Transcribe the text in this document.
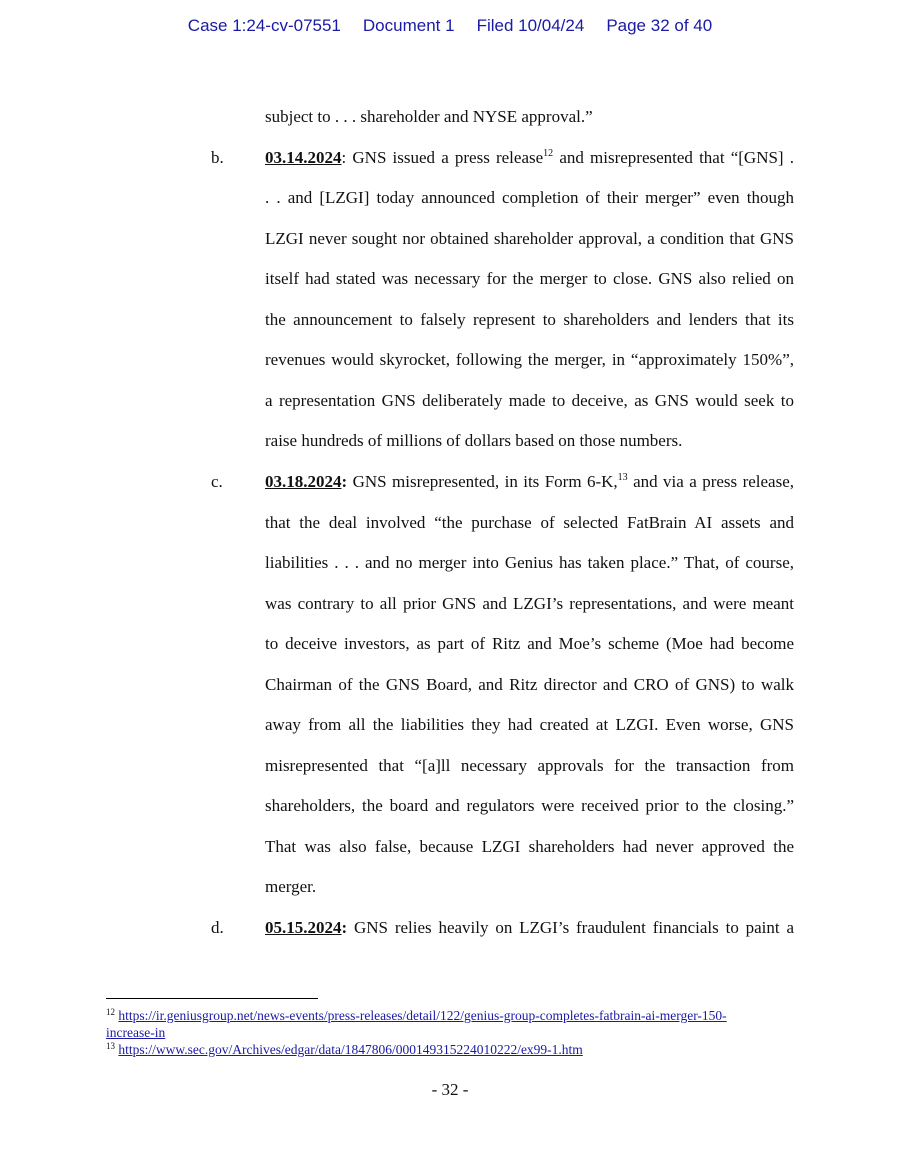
Case 1:24-cv-07551 Document 1 Filed 10/04/24 Page 32 of 40
subject to . . . shareholder and NYSE approval.”
b. 03.14.2024: GNS issued a press release$^{12}$ and misrepresented that “[GNS] .
. . and [LZGI] today announced completion of their merger” even though
LZGI never sought nor obtained shareholder approval, a condition that GNS
itself had stated was necessary for the merger to close. GNS also relied on
the announcement to falsely represent to shareholders and lenders that its
revenues would skyrocket, following the merger, in “approximately 150%”,
a representation GNS deliberately made to deceive, as GNS would seek to
raise hundreds of millions of dollars based on those numbers.
c. 03.18.2024: GNS misrepresented, in its Form 6-K,$^{13}$ and via a press release,
that the deal involved “the purchase of selected FatBrain AI assets and
liabilities . . . and no merger into Genius has taken place.” That, of course,
was contrary to all prior GNS and LZGI’s representations, and were meant
to deceive investors, as part of Ritz and Moe’s scheme (Moe had become
Chairman of the GNS Board, and Ritz director and CRO of GNS) to walk
away from all the liabilities they had created at LZGI. Even worse, GNS
misrepresented that “[a]ll necessary approvals for the transaction from
shareholders, the board and regulators were received prior to the closing.”
That was also false, because LZGI shareholders had never approved the
merger.
d. 05.15.2024: GNS relies heavily on LZGI’s fraudulent financials to paint a
$^{12}$ https://ir.geniusgroup.net/news-events/press-releases/detail/122/genius-group-completes-fatbrain-ai-merger-150-
increase-in
$^{13}$ https://www.sec.gov/Archives/edgar/data/1847806/000149315224010222/ex99-1.htm
- 32 -
